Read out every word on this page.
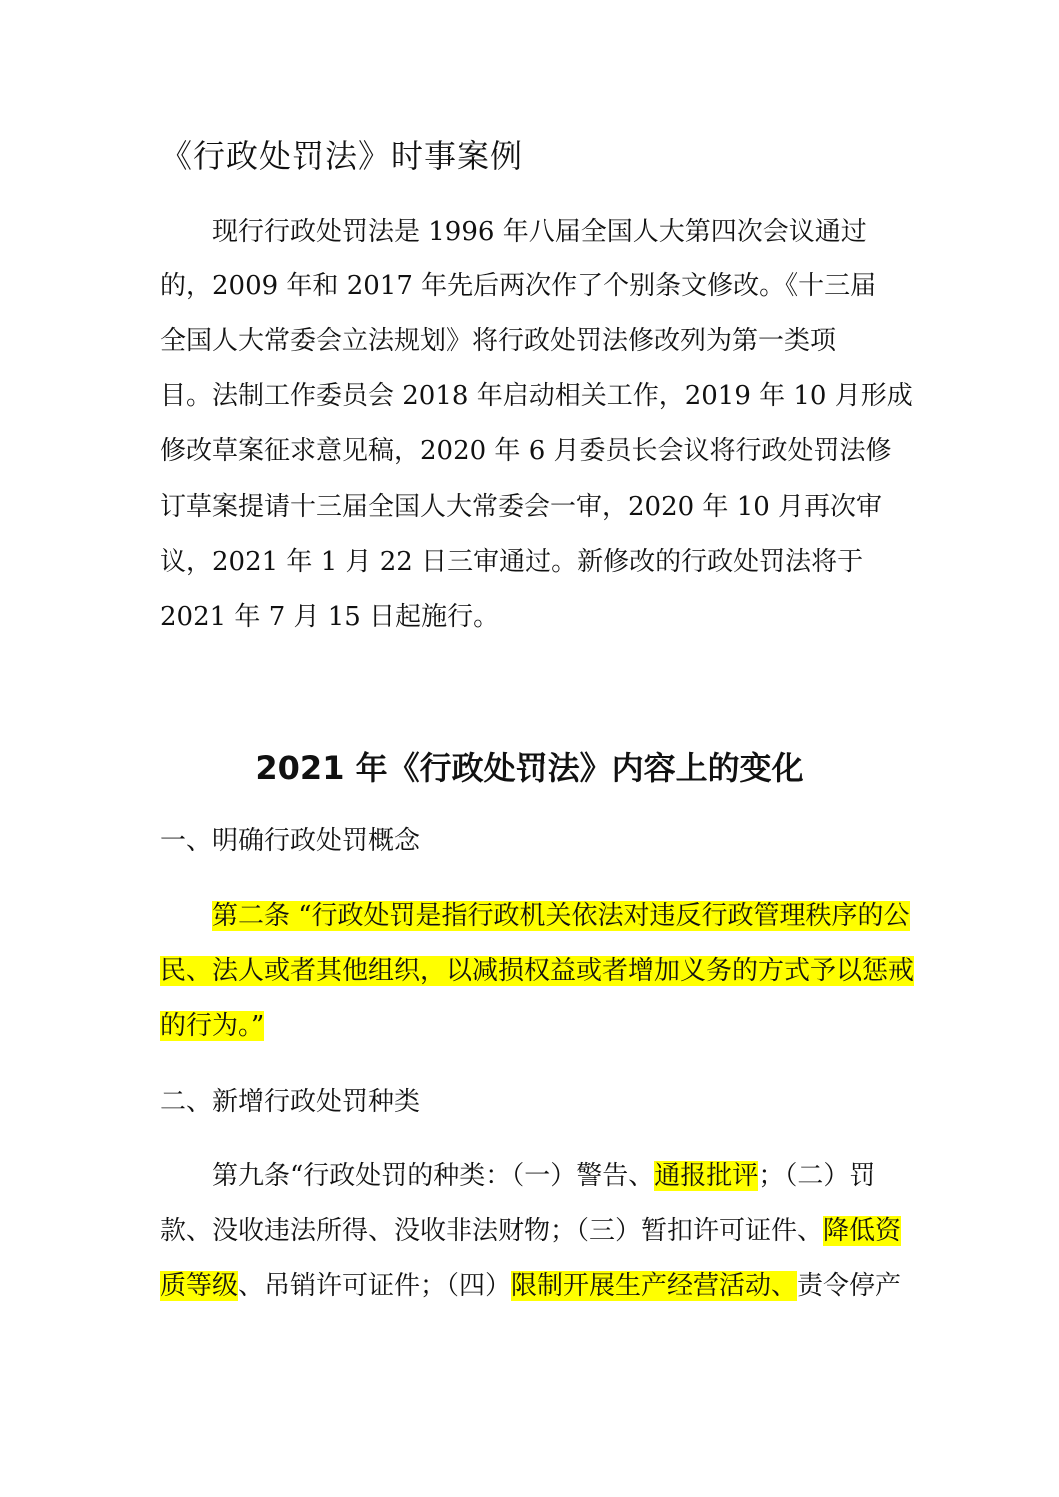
《行政处罚法》时事案例
现行行政处罚法是 1996 年八届全国人大第四次会议通过
的，2009 年和 2017 年先后两次作了个别条文修改。《十三届
全国人大常委会立法规划》将行政处罚法修改列为第一类项
目。法制工作委员会 2018 年启动相关工作，2019 年 10 月形成
修改草案征求意见稿，2020 年 6 月委员长会议将行政处罚法修
订草案提请十三届全国人大常委会一审，2020 年 10 月再次审
议，2021 年 1 月 22 日三审通过。新修改的行政处罚法将于
2021 年 7 月 15 日起施行。
2021 年《行政处罚法》内容上的变化
一、明确行政处罚概念
第二条 “行政处罚是指行政机关依法对违反行政管理秩序的公
民、法人或者其他组织，以减损权益或者增加义务的方式予以惩戒
的行为。”
二、新增行政处罚种类
第九条“行政处罚的种类：（一）警告、通报批评；（二）罚
款、没收违法所得、没收非法财物；（三）暂扣许可证件、降低资
质等级、吊销许可证件；（四）限制开展生产经营活动、责令停产
